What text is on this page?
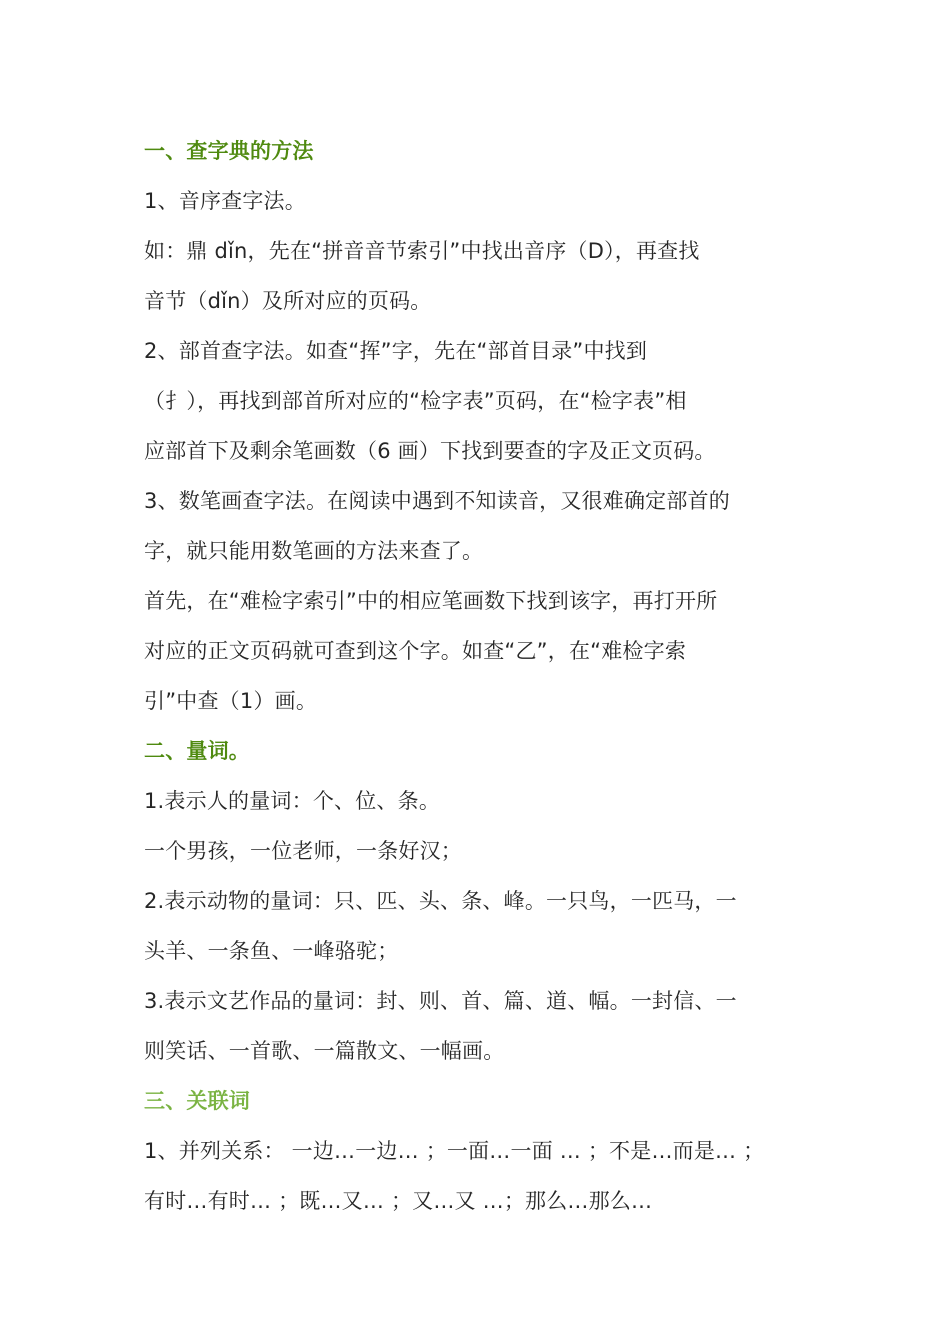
一、查字典的方法
1、音序查字法。
如：鼎 dǐn，先在“拼音音节索引”中找出音序（D），再查找
音节（dǐn）及所对应的页码。
2、部首查字法。如查“挥”字，先在“部首目录”中找到
（扌），再找到部首所对应的“检字表”页码，在“检字表”相
应部首下及剩余笔画数（6 画）下找到要查的字及正文页码。
3、数笔画查字法。在阅读中遇到不知读音，又很难确定部首的
字，就只能用数笔画的方法来查了。
首先，在“难检字索引”中的相应笔画数下找到该字，再打开所
对应的正文页码就可查到这个字。如查“乙”，在“难检字索
引”中查（1）画。
二、量词。
1.表示人的量词：个、位、条。
一个男孩，一位老师，一条好汉；
2.表示动物的量词：只、匹、头、条、峰。一只鸟，一匹马，一
头羊、一条鱼、一峰骆驼；
3.表示文艺作品的量词：封、则、首、篇、道、幅。一封信、一
则笑话、一首歌、一篇散文、一幅画。
三、关联词
1、并列关系： 一边…一边… ；一面…一面 … ；不是…而是… ；
有时…有时… ；既…又… ；又…又 …；那么…那么…
